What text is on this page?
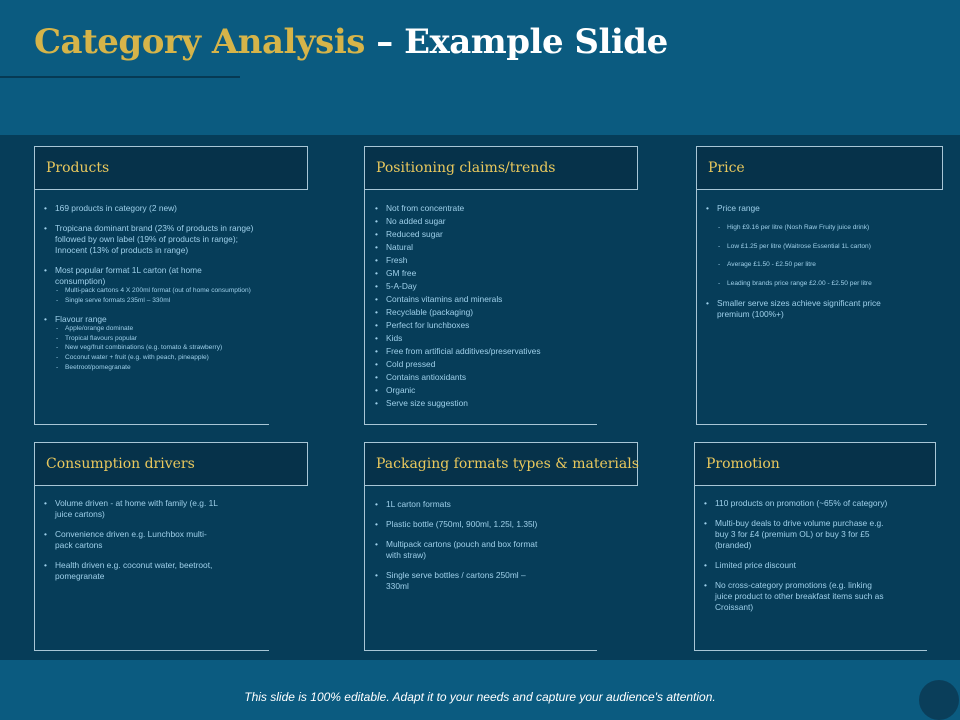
Category Analysis – Example Slide
Products
• 169 products in category (2 new)
• Tropicana dominant brand (23% of products in range) followed by own label (19% of products in range); Innocent (13% of products in range)
• Most popular format 1L carton (at home consumption)
- Multi-pack cartons 4 X 200ml format (out of home consumption)
- Single serve formats 235ml – 330ml
• Flavour range
- Apple/orange dominate
- Tropical flavours popular
- New veg/fruit combinations (e.g. tomato & strawberry)
- Coconut water + fruit (e.g. with peach, pineapple)
- Beetroot/pomegranate
Positioning claims/trends
• Not from concentrate
• No added sugar
• Reduced sugar
• Natural
• Fresh
• GM free
• 5-A-Day
• Contains vitamins and minerals
• Recyclable (packaging)
• Perfect for lunchboxes
• Kids
• Free from artificial additives/preservatives
• Cold pressed
• Contains antioxidants
• Organic
• Serve size suggestion
Price
• Price range
- High £9.16 per litre (Nosh Raw Fruity juice drink)
- Low £1.25 per litre (Waitrose Essential 1L carton)
- Average £1.50 - £2.50 per litre
- Leading brands price range £2.00 - £2.50 per litre
• Smaller serve sizes achieve significant price premium (100%+)
Consumption drivers
• Volume driven - at home with family (e.g. 1L juice cartons)
• Convenience driven e.g. Lunchbox multi-pack cartons
• Health driven e.g. coconut water, beetroot, pomegranate
Packaging formats types & materials
• 1L carton formats
• Plastic bottle (750ml, 900ml, 1.25l, 1.35l)
• Multipack cartons (pouch and box format with straw)
• Single serve bottles / cartons 250ml – 330ml
Promotion
• 110 products on promotion (~65% of category)
• Multi-buy deals to drive volume purchase e.g. buy 3 for £4 (premium OL) or buy 3 for £5 (branded)
• Limited price discount
• No cross-category promotions (e.g. linking juice product to other breakfast items such as Croissant)
This slide is 100% editable. Adapt it to your needs and capture your audience's attention.
